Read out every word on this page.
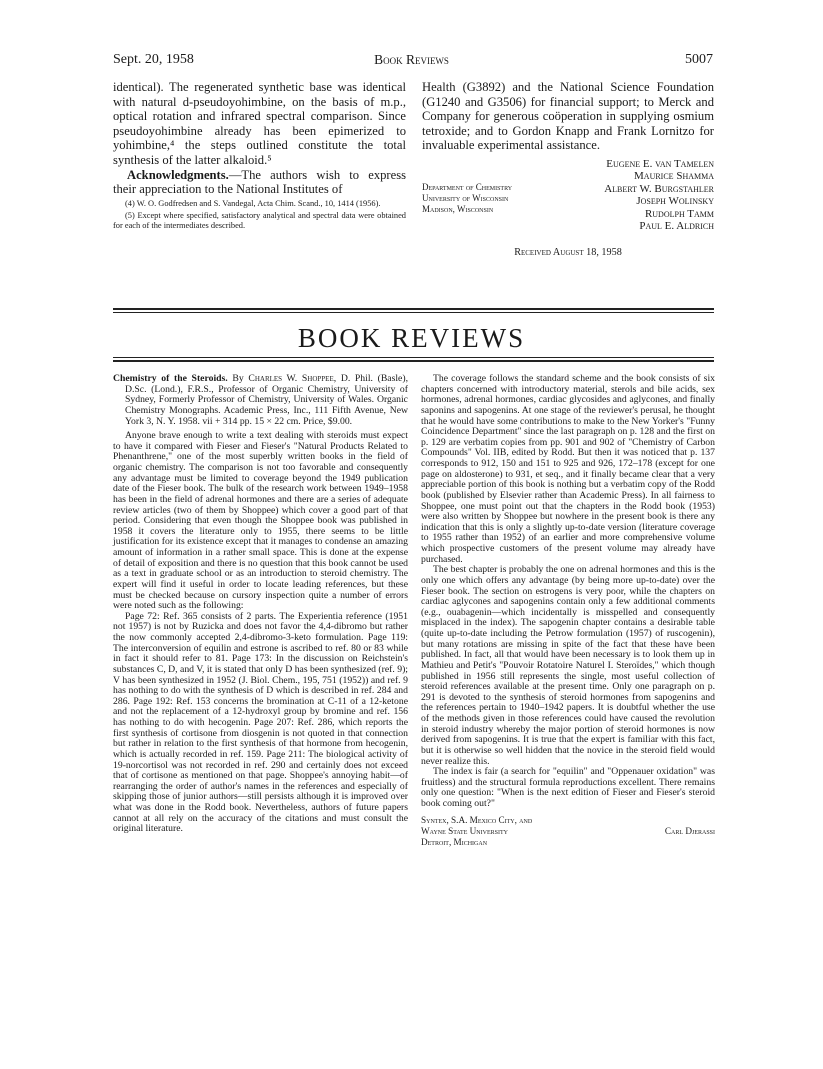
Sept. 20, 1958	Book Reviews	5007

identical). The regenerated synthetic base was identical with natural d-pseudoyohimbine, on the basis of m.p., optical rotation and infrared spectral comparison. Since pseudoyohimbine already has been epimerized to yohimbine,⁴ the steps outlined constitute the total synthesis of the latter alkaloid.⁵

Acknowledgments.—The authors wish to express their appreciation to the National Institutes of

(4) W. O. Godfredsen and S. Vandegal, Acta Chim. Scand., 10, 1414 (1956).

(5) Except where specified, satisfactory analytical and spectral data were obtained for each of the intermediates described.

Health (G3892) and the National Science Foundation (G1240 and G3506) for financial support; to Merck and Company for generous coöperation in supplying osmium tetroxide; and to Gordon Knapp and Frank Lornitzo for invaluable experimental assistance.

Eugene E. van Tamelen
Maurice Shamma
Albert W. Burgstahler
Joseph Wolinsky
Rudolph Tamm
Paul E. Aldrich
Department of Chemistry
University of Wisconsin
Madison, Wisconsin
Received August 18, 1958
BOOK REVIEWS

Chemistry of the Steroids. By Charles W. Shoppee, D. Phil. (Basle), D.Sc. (Lond.), F.R.S., Professor of Organic Chemistry, University of Sydney, Formerly Professor of Chemistry, University of Wales. Organic Chemistry Monographs. Academic Press, Inc., 111 Fifth Avenue, New York 3, N. Y. 1958. vii + 314 pp. 15 × 22 cm. Price, $9.00.

Anyone brave enough to write a text dealing with steroids must expect to have it compared with Fieser and Fieser's "Natural Products Related to Phenanthrene," one of the most superbly written books in the field of organic chemistry. The comparison is not too favorable and consequently any advantage must be limited to coverage beyond the 1949 publication date of the Fieser book. The bulk of the research work between 1949–1958 has been in the field of adrenal hormones and there are a series of adequate review articles (two of them by Shoppee) which cover a good part of that period. Considering that even though the Shoppee book was published in 1958 it covers the literature only to 1955, there seems to be little justification for its existence except that it manages to condense an amazing amount of information in a rather small space. This is done at the expense of detail of exposition and there is no question that this book cannot be used as a text in graduate school or as an introduction to steroid chemistry. The expert will find it useful in order to locate leading references, but these must be checked because on cursory inspection quite a number of errors were noted such as the following:

Page 72: Ref. 365 consists of 2 parts. The Experientia reference (1951 not 1957) is not by Ruzicka and does not favor the 4,4-dibromo but rather the now commonly accepted 2,4-dibromo-3-keto formulation. Page 119: The interconversion of equilin and estrone is ascribed to ref. 80 or 83 while in fact it should refer to 81. Page 173: In the discussion on Reichstein's substances C, D, and V, it is stated that only D has been synthesized (ref. 9); V has been synthesized in 1952 (J. Biol. Chem., 195, 751 (1952)) and ref. 9 has nothing to do with the synthesis of D which is described in ref. 284 and 286. Page 192: Ref. 153 concerns the bromination at C-11 of a 12-ketone and not the replacement of a 12-hydroxyl group by bromine and ref. 156 has nothing to do with hecogenin. Page 207: Ref. 286, which reports the first synthesis of cortisone from diosgenin is not quoted in that connection but rather in relation to the first synthesis of that hormone from hecogenin, which is actually recorded in ref. 159. Page 211: The biological activity of 19-norcortisol was not recorded in ref. 290 and certainly does not exceed that of cortisone as mentioned on that page. Shoppee's annoying habit—of rearranging the order of author's names in the references and especially of skipping those of junior authors—still persists although it is improved over what was done in the Rodd book. Nevertheless, authors of future papers cannot at all rely on the accuracy of the citations and must consult the original literature.

The coverage follows the standard scheme and the book consists of six chapters concerned with introductory material, sterols and bile acids, sex hormones, adrenal hormones, cardiac glycosides and aglycones, and finally saponins and sapogenins. At one stage of the reviewer's perusal, he thought that he would have some contributions to make to the New Yorker's "Funny Coincidence Department" since the last paragraph on p. 128 and the first on p. 129 are verbatim copies from pp. 901 and 902 of "Chemistry of Carbon Compounds" Vol. IIB, edited by Rodd. But then it was noticed that p. 137 corresponds to 912, 150 and 151 to 925 and 926, 172–178 (except for one page on aldosterone) to 931, et seq., and it finally became clear that a very appreciable portion of this book is nothing but a verbatim copy of the Rodd book (published by Elsevier rather than Academic Press). In all fairness to Shoppee, one must point out that the chapters in the Rodd book (1953) were also written by Shoppee but nowhere in the present book is there any indication that this is only a slightly up-to-date version (literature coverage to 1955 rather than 1952) of an earlier and more comprehensive volume which prospective customers of the present volume may already have purchased.

The best chapter is probably the one on adrenal hormones and this is the only one which offers any advantage (by being more up-to-date) over the Fieser book. The section on estrogens is very poor, while the chapters on cardiac aglycones and sapogenins contain only a few additional comments (e.g., ouabagenin—which incidentally is misspelled and consequently misplaced in the index). The sapogenin chapter contains a desirable table (quite up-to-date including the Petrow formulation (1957) of ruscogenin), but many rotations are missing in spite of the fact that these have been published. In fact, all that would have been necessary is to look them up in Mathieu and Petit's "Pouvoir Rotatoire Naturel I. Steroïdes," which though published in 1956 still represents the single, most useful collection of steroid references available at the present time. Only one paragraph on p. 291 is devoted to the synthesis of steroid hormones from sapogenins and the references pertain to 1940–1942 papers. It is doubtful whether the use of the methods given in those references could have caused the revolution in steroid industry whereby the major portion of steroid hormones is now derived from sapogenins. It is true that the expert is familiar with this fact, but it is otherwise so well hidden that the novice in the steroid field would never realize this.

The index is fair (a search for "equilin" and "Oppenauer oxidation" was fruitless) and the structural formula reproductions excellent. There remains only one question: "When is the next edition of Fieser and Fieser's steroid book coming out?"

Syntex, S.A. Mexico City, and
Wayne State University
Detroit, Michigan
Carl Djerassi
